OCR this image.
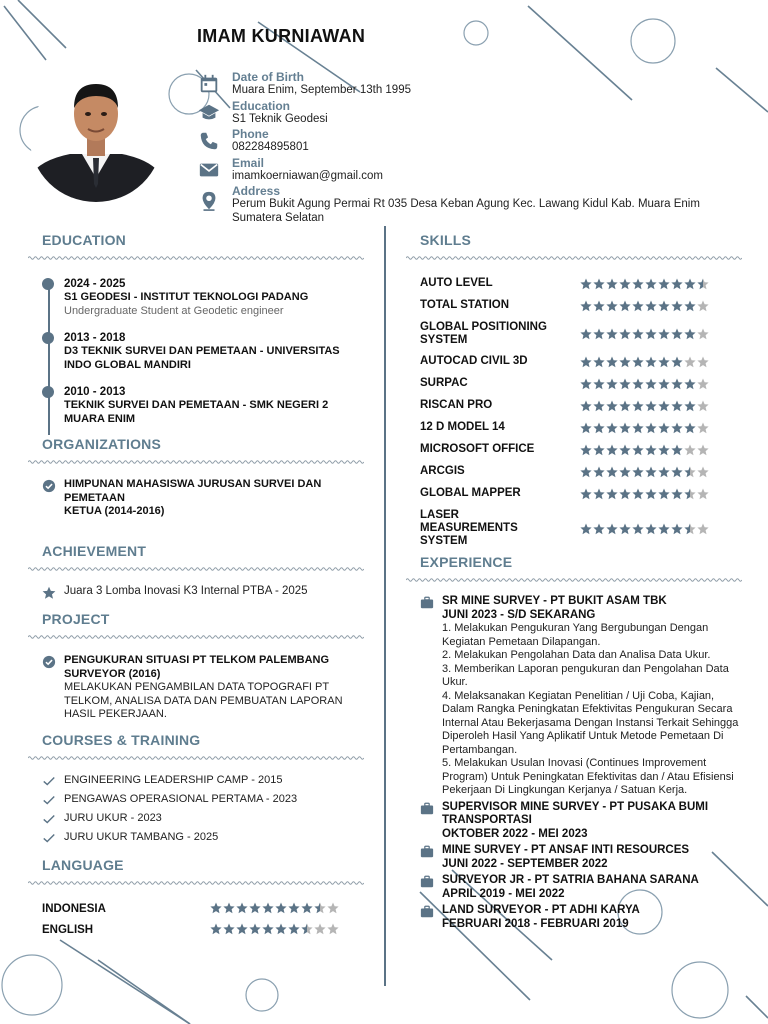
IMAM KURNIAWAN
Date of Birth
Muara Enim, September 13th 1995
Education
S1 Teknik Geodesi
Phone
082284895801
Email
imamkoerniawan@gmail.com
Address
Perum Bukit Agung Permai Rt 035 Desa Keban Agung Kec. Lawang Kidul Kab. Muara Enim Sumatera Selatan
EDUCATION
2024 - 2025
S1 GEODESI - INSTITUT TEKNOLOGI PADANG
Undergraduate Student at Geodetic engineer
2013 - 2018
D3 TEKNIK SURVEI DAN PEMETAAN - UNIVERSITAS INDO GLOBAL MANDIRI
2010 - 2013
TEKNIK SURVEI DAN PEMETAAN - SMK NEGERI 2 MUARA ENIM
ORGANIZATIONS
HIMPUNAN MAHASISWA JURUSAN SURVEI DAN PEMETAAN
KETUA (2014-2016)
ACHIEVEMENT
Juara 3 Lomba Inovasi K3 Internal PTBA - 2025
PROJECT
PENGUKURAN SITUASI PT TELKOM PALEMBANG
SURVEYOR (2016)
MELAKUKAN PENGAMBILAN DATA TOPOGRAFI PT TELKOM, ANALISA DATA DAN PEMBUATAN LAPORAN HASIL PEKERJAAN.
COURSES & TRAINING
ENGINEERING LEADERSHIP CAMP - 2015
PENGAWAS OPERASIONAL PERTAMA - 2023
JURU UKUR - 2023
JURU UKUR TAMBANG - 2025
LANGUAGE
INDONESIA
ENGLISH
SKILLS
AUTO LEVEL
TOTAL STATION
GLOBAL POSITIONING SYSTEM
AUTOCAD CIVIL 3D
SURPAC
RISCAN PRO
12 D MODEL 14
MICROSOFT OFFICE
ARCGIS
GLOBAL MAPPER
LASER MEASUREMENTS SYSTEM
EXPERIENCE
SR MINE SURVEY - PT BUKIT ASAM TBK
JUNI 2023 - S/D SEKARANG
1. Melakukan Pengukuran Yang Bergubungan Dengan Kegiatan Pemetaan Dilapangan.
2. Melakukan Pengolahan Data dan Analisa Data Ukur.
3. Memberikan Laporan pengukuran dan Pengolahan Data Ukur.
4. Melaksanakan Kegiatan Penelitian / Uji Coba, Kajian, Dalam Rangka Peningkatan Efektivitas Pengukuran Secara Internal Atau Bekerjasama Dengan Instansi Terkait Sehingga Diperoleh Hasil Yang Aplikatif Untuk Metode Pemetaan Di Pertambangan.
5. Melakukan Usulan Inovasi (Continues Improvement Program) Untuk Peningkatan Efektivitas dan / Atau Efisiensi Pekerjaan Di Lingkungan Kerjanya / Satuan Kerja.
SUPERVISOR MINE SURVEY - PT PUSAKA BUMI TRANSPORTASI
OKTOBER 2022 - MEI 2023
MINE SURVEY - PT ANSAF INTI RESOURCES
JUNI 2022 - SEPTEMBER 2022
SURVEYOR JR - PT SATRIA BAHANA SARANA
APRIL 2019 - MEI 2022
LAND SURVEYOR - PT ADHI KARYA
FEBRUARI 2018 - FEBRUARI 2019
